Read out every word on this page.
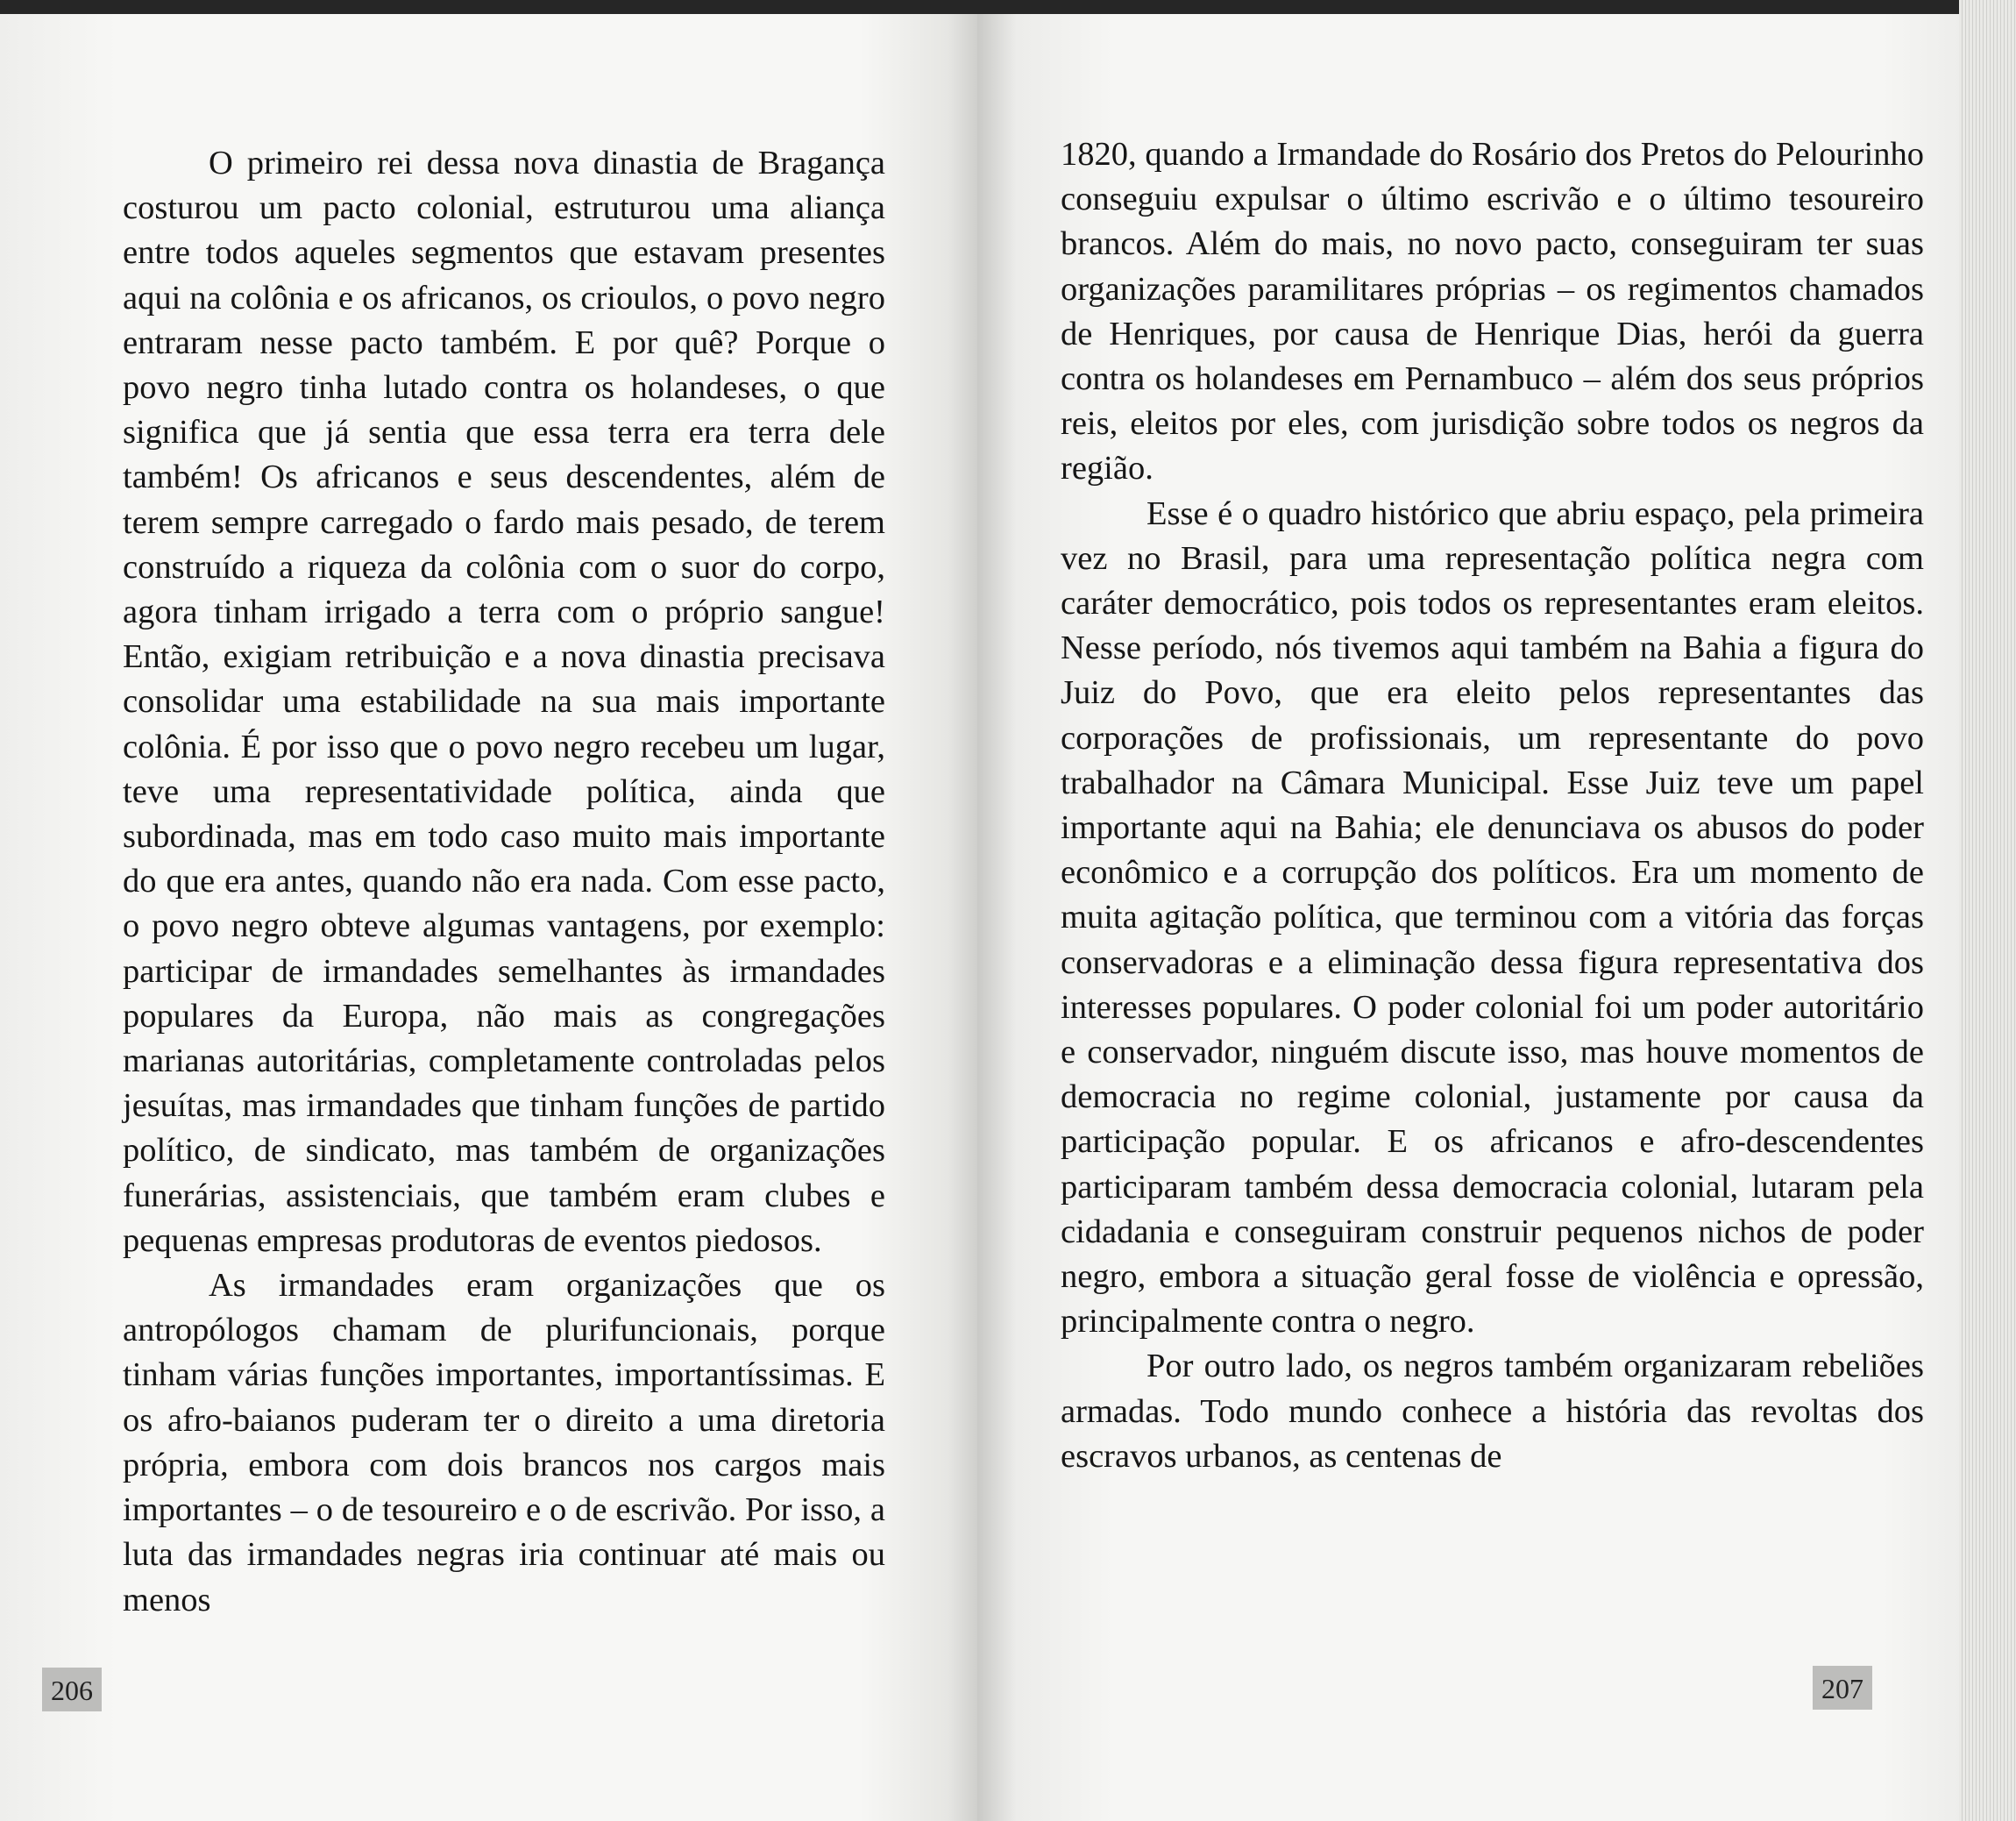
O primeiro rei dessa nova dinastia de Bragança costurou um pacto colonial, estruturou uma aliança entre todos aqueles segmentos que estavam presentes aqui na colônia e os africanos, os crioulos, o povo negro entraram nesse pacto também. E por quê? Porque o povo negro tinha lutado contra os holandeses, o que significa que já sentia que essa terra era terra dele também! Os africanos e seus descendentes, além de terem sempre carregado o fardo mais pesado, de terem construído a riqueza da colônia com o suor do corpo, agora tinham irrigado a terra com o próprio sangue! Então, exigiam retribuição e a nova dinastia precisava consolidar uma estabilidade na sua mais importante colônia. É por isso que o povo negro recebeu um lugar, teve uma representatividade política, ainda que subordinada, mas em todo caso muito mais importante do que era antes, quando não era nada. Com esse pacto, o povo negro obteve algumas vantagens, por exemplo: participar de irmandades semelhantes às irmandades populares da Europa, não mais as congregações marianas autoritárias, completamente controladas pelos jesuítas, mas irmandades que tinham funções de partido político, de sindicato, mas também de organizações funerárias, assistenciais, que também eram clubes e pequenas empresas produtoras de eventos piedosos.

As irmandades eram organizações que os antropólogos chamam de plurifuncionais, porque tinham várias funções importantes, importantíssimas. E os afro-baianos puderam ter o direito a uma diretoria própria, embora com dois brancos nos cargos mais importantes – o de tesoureiro e o de escrivão. Por isso, a luta das irmandades negras iria continuar até mais ou menos

206

1820, quando a Irmandade do Rosário dos Pretos do Pelourinho conseguiu expulsar o último escrivão e o último tesoureiro brancos. Além do mais, no novo pacto, conseguiram ter suas organizações paramilitares próprias – os regimentos chamados de Henriques, por causa de Henrique Dias, herói da guerra contra os holandeses em Pernambuco – além dos seus próprios reis, eleitos por eles, com jurisdição sobre todos os negros da região.

Esse é o quadro histórico que abriu espaço, pela primeira vez no Brasil, para uma representação política negra com caráter democrático, pois todos os representantes eram eleitos. Nesse período, nós tivemos aqui também na Bahia a figura do Juiz do Povo, que era eleito pelos representantes das corporações de profissionais, um representante do povo trabalhador na Câmara Municipal. Esse Juiz teve um papel importante aqui na Bahia; ele denunciava os abusos do poder econômico e a corrupção dos políticos. Era um momento de muita agitação política, que terminou com a vitória das forças conservadoras e a eliminação dessa figura representativa dos interesses populares. O poder colonial foi um poder autoritário e conservador, ninguém discute isso, mas houve momentos de democracia no regime colonial, justamente por causa da participação popular. E os africanos e afro-descendentes participaram também dessa democracia colonial, lutaram pela cidadania e conseguiram construir pequenos nichos de poder negro, embora a situação geral fosse de violência e opressão, principalmente contra o negro.

Por outro lado, os negros também organizaram rebeliões armadas. Todo mundo conhece a história das revoltas dos escravos urbanos, as centenas de

207
